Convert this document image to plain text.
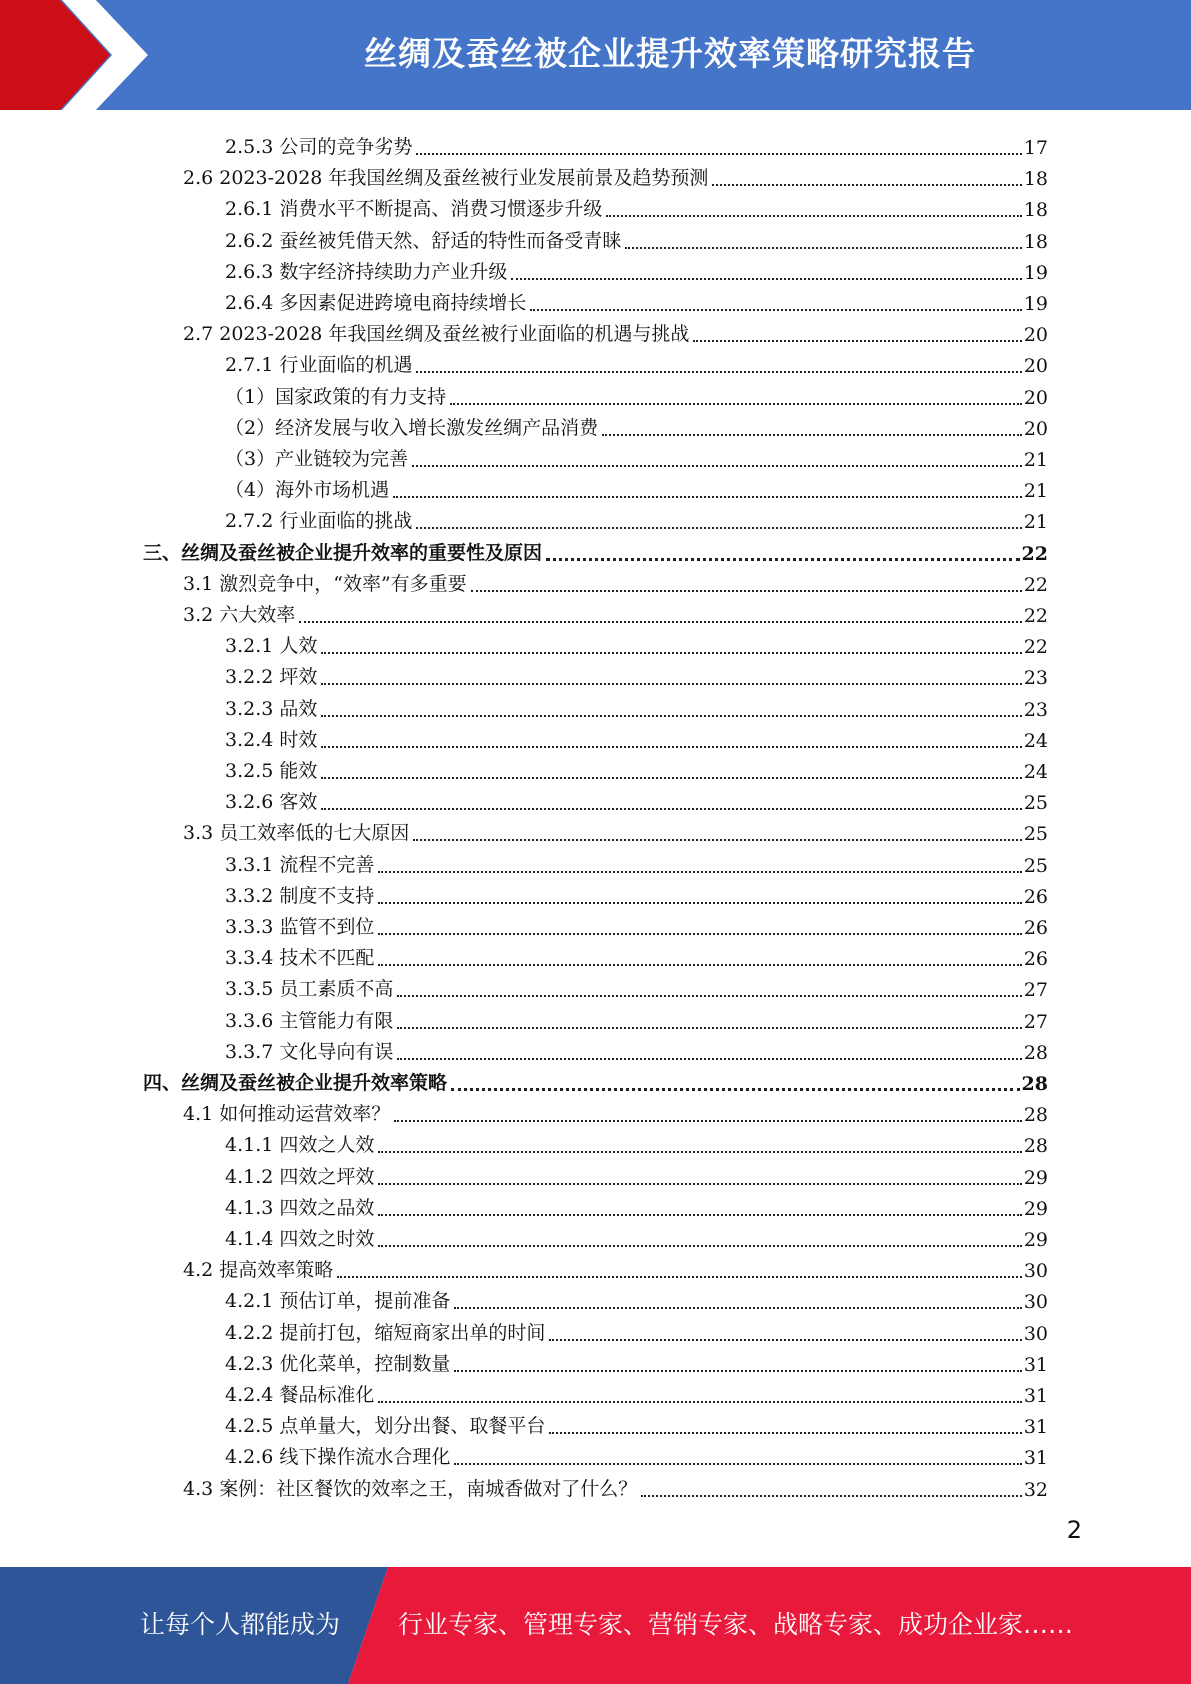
丝绸及蚕丝被企业提升效率策略研究报告
2.5.3 公司的竞争劣势	17
2.6 2023-2028 年我国丝绸及蚕丝被行业发展前景及趋势预测	18
2.6.1 消费水平不断提高、消费习惯逐步升级	18
2.6.2 蚕丝被凭借天然、舒适的特性而备受青睐	18
2.6.3 数字经济持续助力产业升级	19
2.6.4 多因素促进跨境电商持续增长	19
2.7 2023-2028 年我国丝绸及蚕丝被行业面临的机遇与挑战	20
2.7.1 行业面临的机遇	20
（1）国家政策的有力支持	20
（2）经济发展与收入增长激发丝绸产品消费	20
（3）产业链较为完善	21
（4）海外市场机遇	21
2.7.2 行业面临的挑战	21
三、丝绸及蚕丝被企业提升效率的重要性及原因	22
3.1 激烈竞争中，“效率”有多重要	22
3.2 六大效率	22
3.2.1 人效	22
3.2.2 坪效	23
3.2.3 品效	23
3.2.4 时效	24
3.2.5 能效	24
3.2.6 客效	25
3.3 员工效率低的七大原因	25
3.3.1 流程不完善	25
3.3.2 制度不支持	26
3.3.3 监管不到位	26
3.3.4 技术不匹配	26
3.3.5 员工素质不高	27
3.3.6 主管能力有限	27
3.3.7 文化导向有误	28
四、丝绸及蚕丝被企业提升效率策略	28
4.1 如何推动运营效率？	28
4.1.1 四效之人效	28
4.1.2 四效之坪效	29
4.1.3 四效之品效	29
4.1.4 四效之时效	29
4.2 提高效率策略	30
4.2.1 预估订单，提前准备	30
4.2.2 提前打包，缩短商家出单的时间	30
4.2.3 优化菜单，控制数量	31
4.2.4 餐品标准化	31
4.2.5 点单量大，划分出餐、取餐平台	31
4.2.6 线下操作流水合理化	31
4.3 案例：社区餐饮的效率之王，南城香做对了什么？	32
2
让每个人都能成为 行业专家、管理专家、营销专家、战略专家、成功企业家……
